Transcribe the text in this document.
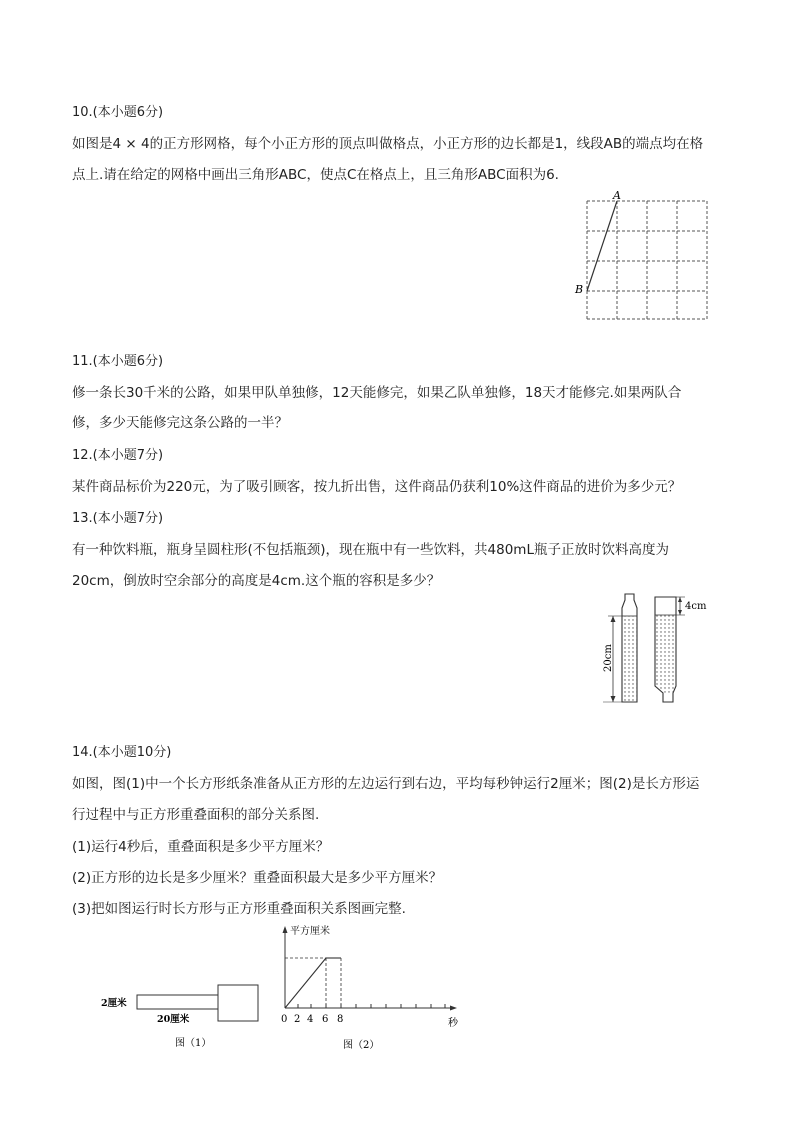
10.(本小题6分)
如图是4 × 4的正方形网格，每个小正方形的顶点叫做格点，小正方形的边长都是1，线段AB的端点均在格
点上.请在给定的网格中画出三角形ABC，使点C在格点上，且三角形ABC面积为6.
A
B
11.(本小题6分)
修一条长30千米的公路，如果甲队单独修，12天能修完，如果乙队单独修，18天才能修完.如果两队合
修，多少天能修完这条公路的一半？
12.(本小题7分)
某件商品标价为220元，为了吸引顾客，按九折出售，这件商品仍获利10%这件商品的进价为多少元？
13.(本小题7分)
有一种饮料瓶，瓶身呈圆柱形(不包括瓶颈)，现在瓶中有一些饮料，共480mL瓶子正放时饮料高度为
20cm，倒放时空余部分的高度是4cm.这个瓶的容积是多少？
20cm
4cm
14.(本小题10分)
如图，图(1)中一个长方形纸条准备从正方形的左边运行到右边，平均每秒钟运行2厘米；图(2)是长方形运
行过程中与正方形重叠面积的部分关系图.
(1)运行4秒后，重叠面积是多少平方厘米？
(2)正方形的边长是多少厘米？重叠面积最大是多少平方厘米？
(3)把如图运行时长方形与正方形重叠面积关系图画完整.
2厘米
20厘米
图（1）
平方厘米
秒
0 2 4 6 8
图（2）
